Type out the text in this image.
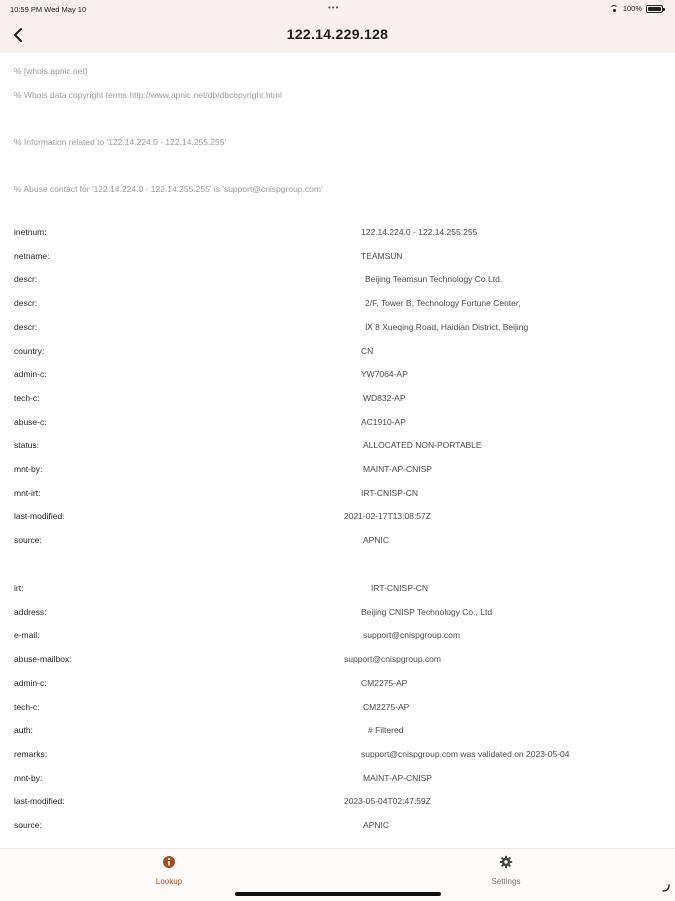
10:59 PM Wed May 10	•••	100%
122.14.229.128
% [whois.apnic.net]
% Whois data copyright terms http://www.apnic.net/db/dbcopyright.html
% Information related to '122.14.224.0 - 122.14.255.255'
% Abuse contact for '122.14.224.0 - 122.14.255.255' is 'support@cnispgroup.com'
inetnum:	122.14.224.0 - 122.14.255.255
netname:	TEAMSUN
descr:	Beijing Teamsun Technology Co.Ltd.
descr:	2/F, Tower B, Technology Fortune Center,
descr:	Ⅸ 8 Xueqing Road, Haidian District, Beijing
country:	CN
admin-c:	YW7064-AP
tech-c:	WD832-AP
abuse-c:	AC1910-AP
status:	ALLOCATED NON-PORTABLE
mnt-by:	MAINT-AP-CNISP
mnt-irt:	IRT-CNISP-CN
last-modified:	2021-02-17T13:08:57Z
source:	APNIC
irt:	IRT-CNISP-CN
address:	Beijing CNISP Technology Co., Ltd
e-mail:	support@cnispgroup.com
abuse-mailbox:	support@cnispgroup.com
admin-c:	CM2275-AP
tech-c:	CM2275-AP
auth:	# Filtered
remarks:	support@cnispgroup.com was validated on 2023-05-04
mnt-by:	MAINT-AP-CNISP
last-modified:	2023-05-04T02:47:59Z
source:	APNIC
Lookup	Settings
